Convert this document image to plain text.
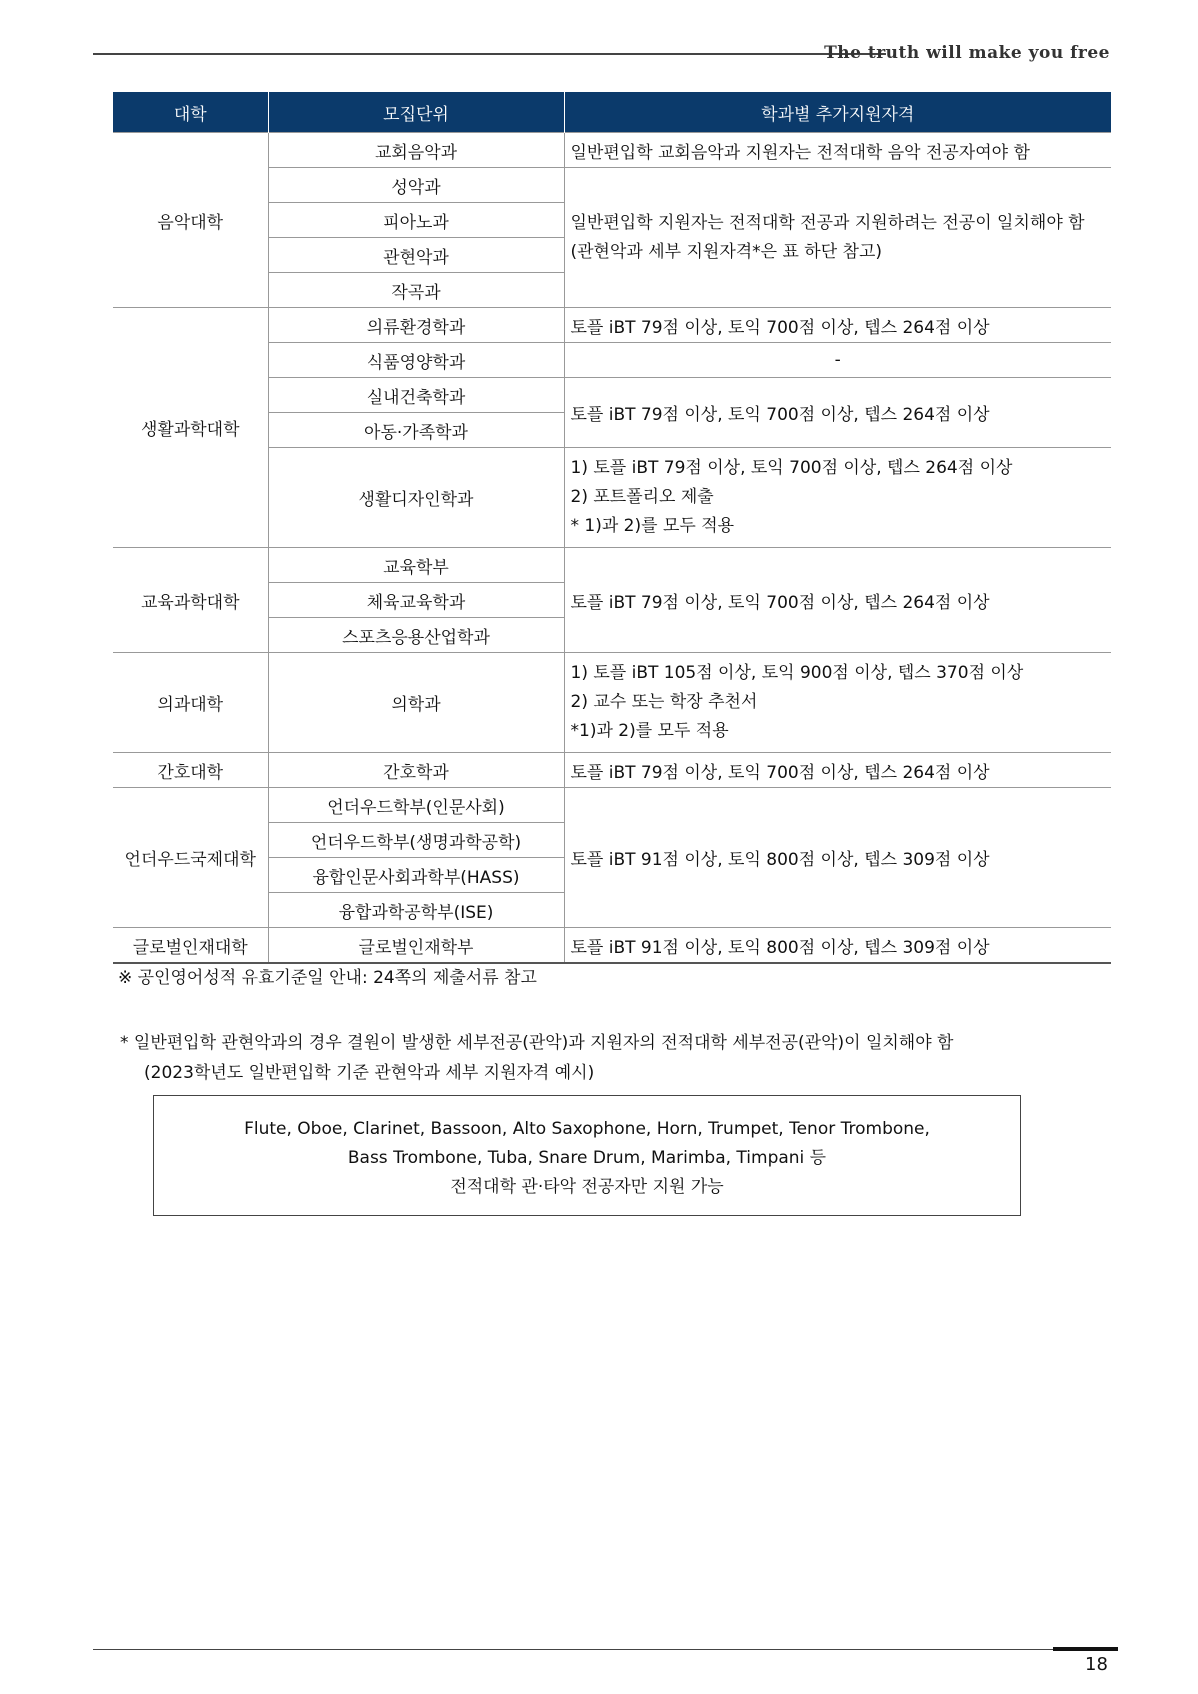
The truth will make you free
대학	모집단위	학과별 추가지원자격
음악대학	교회음악과	일반편입학 교회음악과 지원자는 전적대학 음악 전공자여야 함
	성악과	일반편입학 지원자는 전적대학 전공과 지원하려는 전공이 일치해야 함
(관현악과 세부 지원자격*은 표 하단 참고)

	피아노과	
	관현악과	
	작곡과	
생활과학대학	의류환경학과	토플 iBT 79점 이상, 토익 700점 이상, 텝스 264점 이상
	식품영양학과	-
	실내건축학과	토플 iBT 79점 이상, 토익 700점 이상, 텝스 264점 이상
	아동·가족학과	
	생활디자인학과	1) 토플 iBT 79점 이상, 토익 700점 이상, 텝스 264점 이상
2) 포트폴리오 제출
* 1)과 2)를 모두 적용

교육과학대학	교육학부	토플 iBT 79점 이상, 토익 700점 이상, 텝스 264점 이상
	체육교육학과	
	스포츠응용산업학과	
의과대학	의학과	1) 토플 iBT 105점 이상, 토익 900점 이상, 텝스 370점 이상
2) 교수 또는 학장 추천서
*1)과 2)를 모두 적용

간호대학	간호학과	토플 iBT 79점 이상, 토익 700점 이상, 텝스 264점 이상
언더우드국제대학	언더우드학부(인문사회)	토플 iBT 91점 이상, 토익 800점 이상, 텝스 309점 이상
	언더우드학부(생명과학공학)	
	융합인문사회과학부(HASS)	
	융합과학공학부(ISE)	
글로벌인재대학	글로벌인재학부	토플 iBT 91점 이상, 토익 800점 이상, 텝스 309점 이상
※ 공인영어성적 유효기준일 안내: 24쪽의 제출서류 참고
* 일반편입학 관현악과의 경우 결원이 발생한 세부전공(관악)과 지원자의 전적대학 세부전공(관악)이 일치해야 함
(2023학년도 일반편입학 기준 관현악과 세부 지원자격 예시)
Flute, Oboe, Clarinet, Bassoon, Alto Saxophone, Horn, Trumpet, Tenor Trombone,
Bass Trombone, Tuba, Snare Drum, Marimba, Timpani 등
전적대학 관·타악 전공자만 지원 가능
18
